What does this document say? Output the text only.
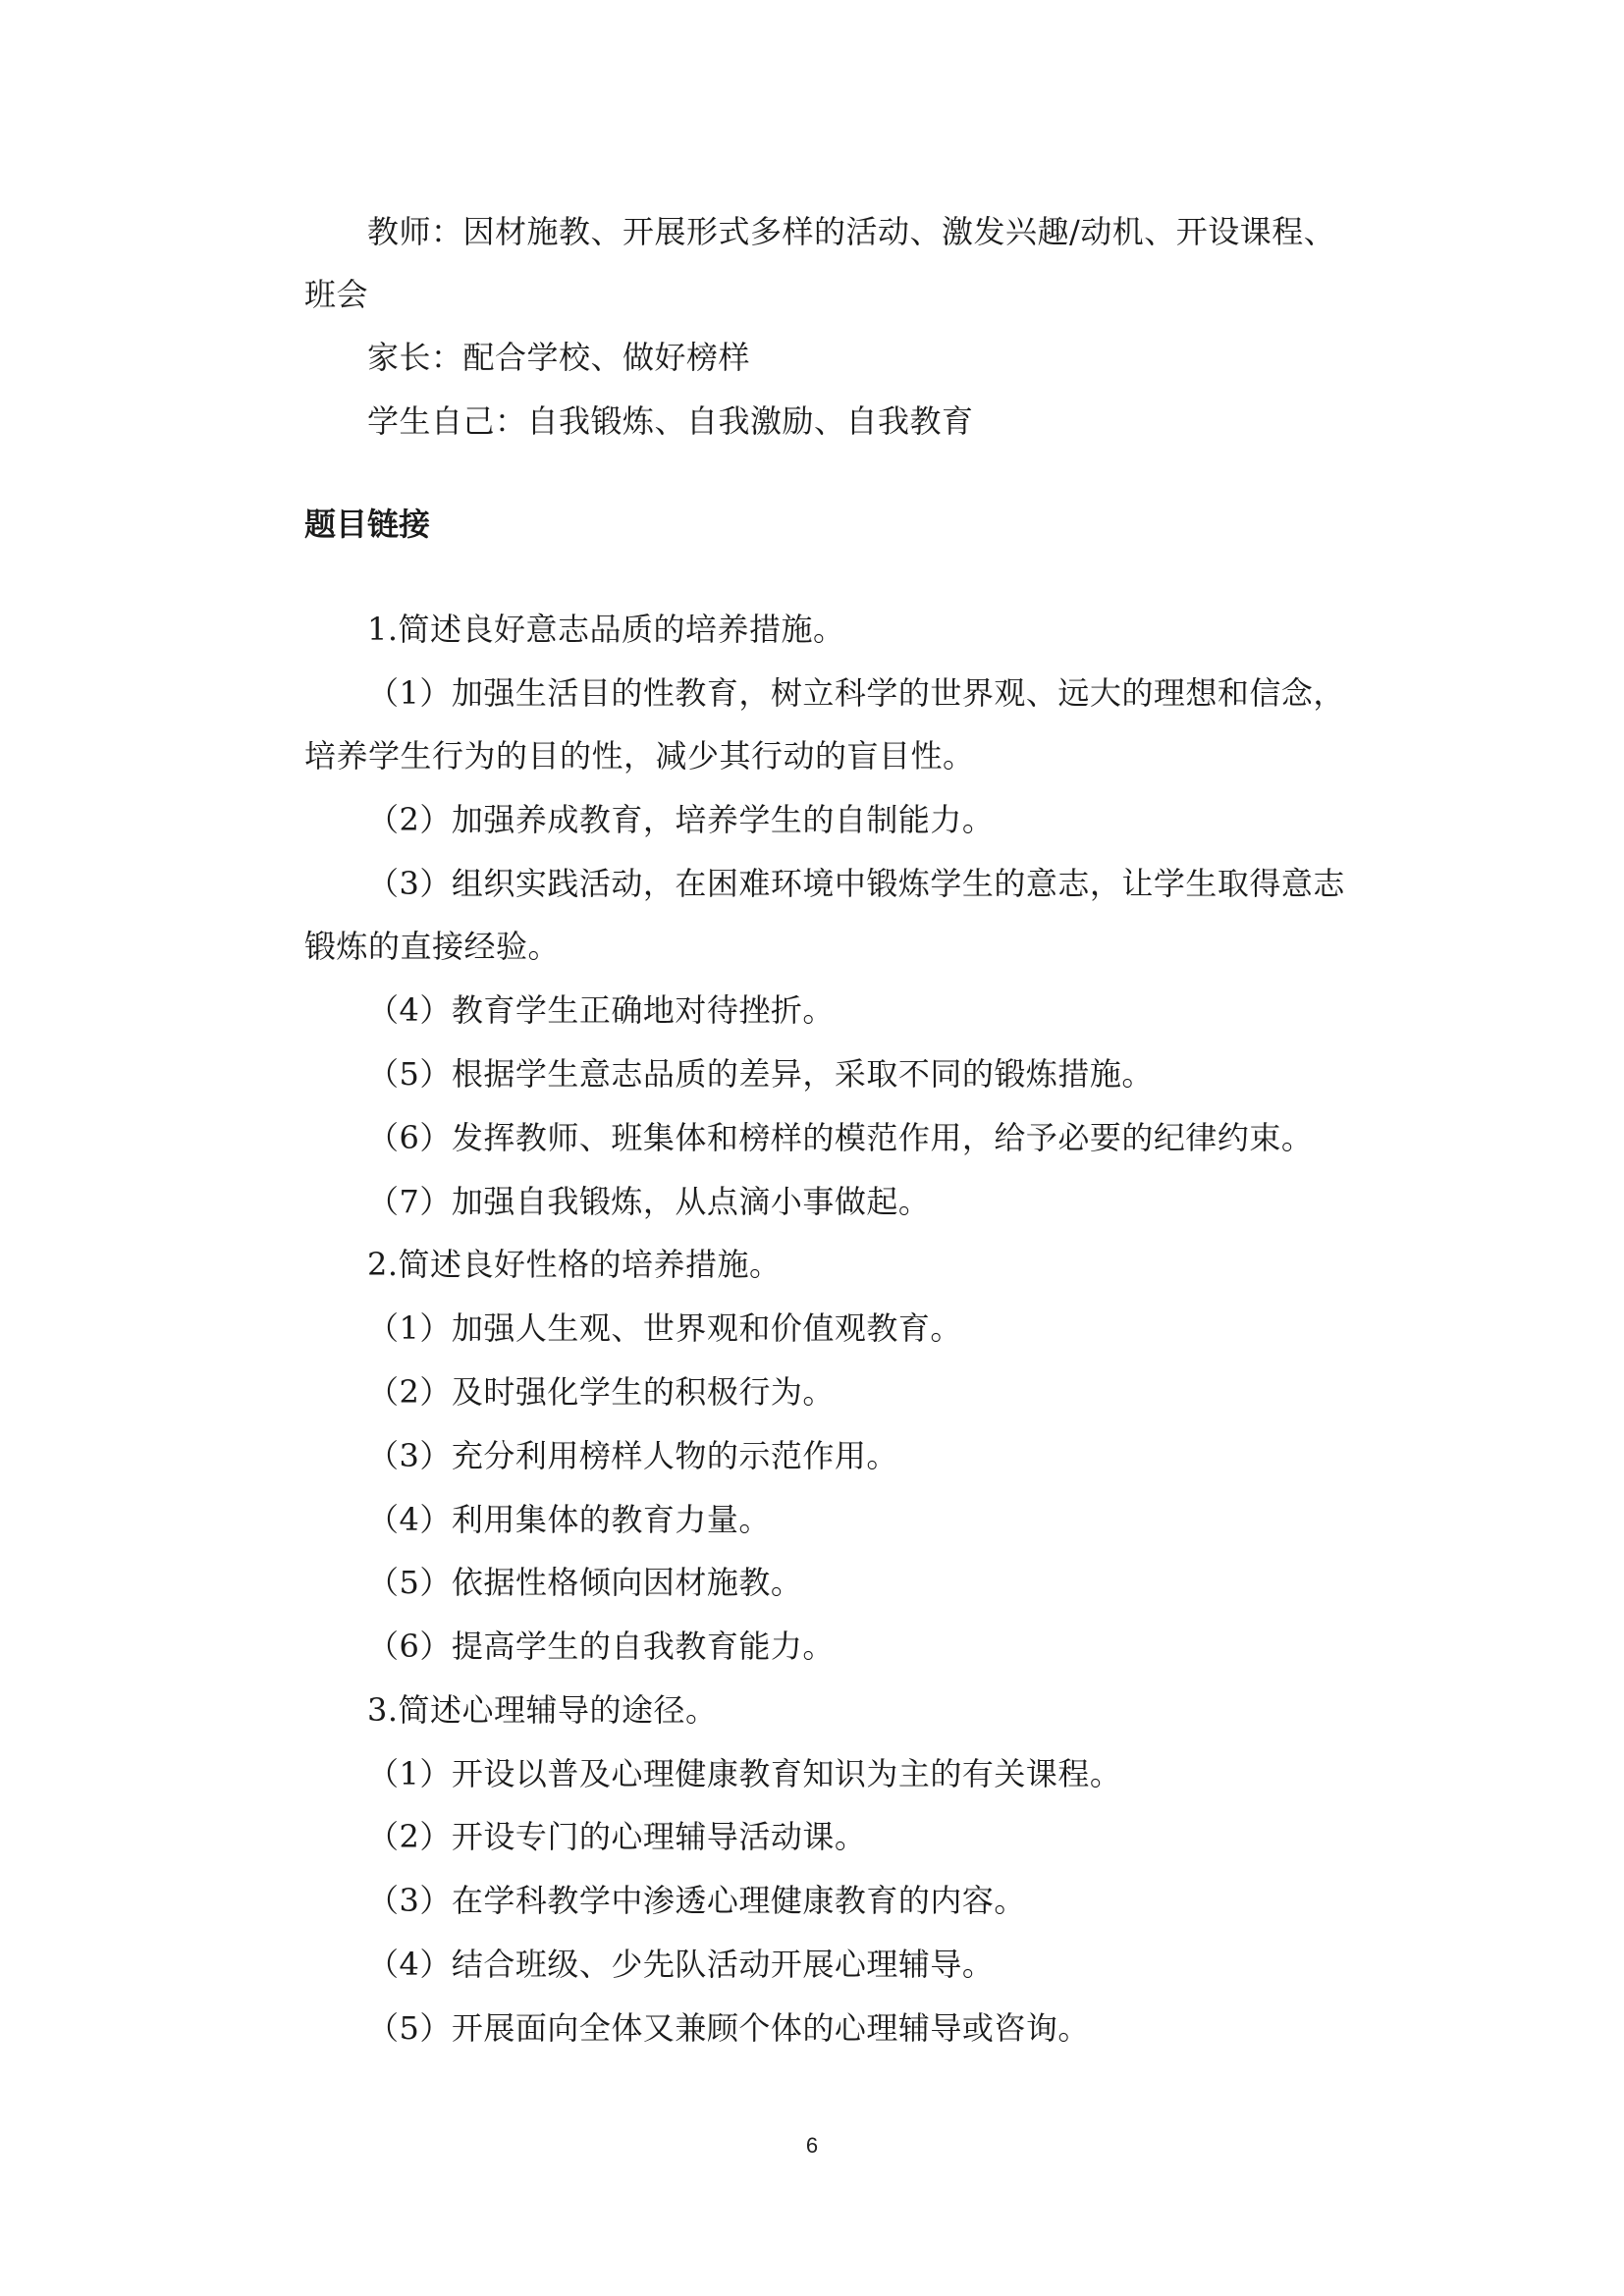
教师：因材施教、开展形式多样的活动、激发兴趣/动机、开设课程、
班会
家长：配合学校、做好榜样
学生自己：自我锻炼、自我激励、自我教育
题目链接
1.简述良好意志品质的培养措施。
（1）加强生活目的性教育，树立科学的世界观、远大的理想和信念，
培养学生行为的目的性，减少其行动的盲目性。
（2）加强养成教育，培养学生的自制能力。
（3）组织实践活动，在困难环境中锻炼学生的意志，让学生取得意志
锻炼的直接经验。
（4）教育学生正确地对待挫折。
（5）根据学生意志品质的差异，采取不同的锻炼措施。
（6）发挥教师、班集体和榜样的模范作用，给予必要的纪律约束。
（7）加强自我锻炼，从点滴小事做起。
2.简述良好性格的培养措施。
（1）加强人生观、世界观和价值观教育。
（2）及时强化学生的积极行为。
（3）充分利用榜样人物的示范作用。
（4）利用集体的教育力量。
（5）依据性格倾向因材施教。
（6）提高学生的自我教育能力。
3.简述心理辅导的途径。
（1）开设以普及心理健康教育知识为主的有关课程。
（2）开设专门的心理辅导活动课。
（3）在学科教学中渗透心理健康教育的内容。
（4）结合班级、少先队活动开展心理辅导。
（5）开展面向全体又兼顾个体的心理辅导或咨询。
6
